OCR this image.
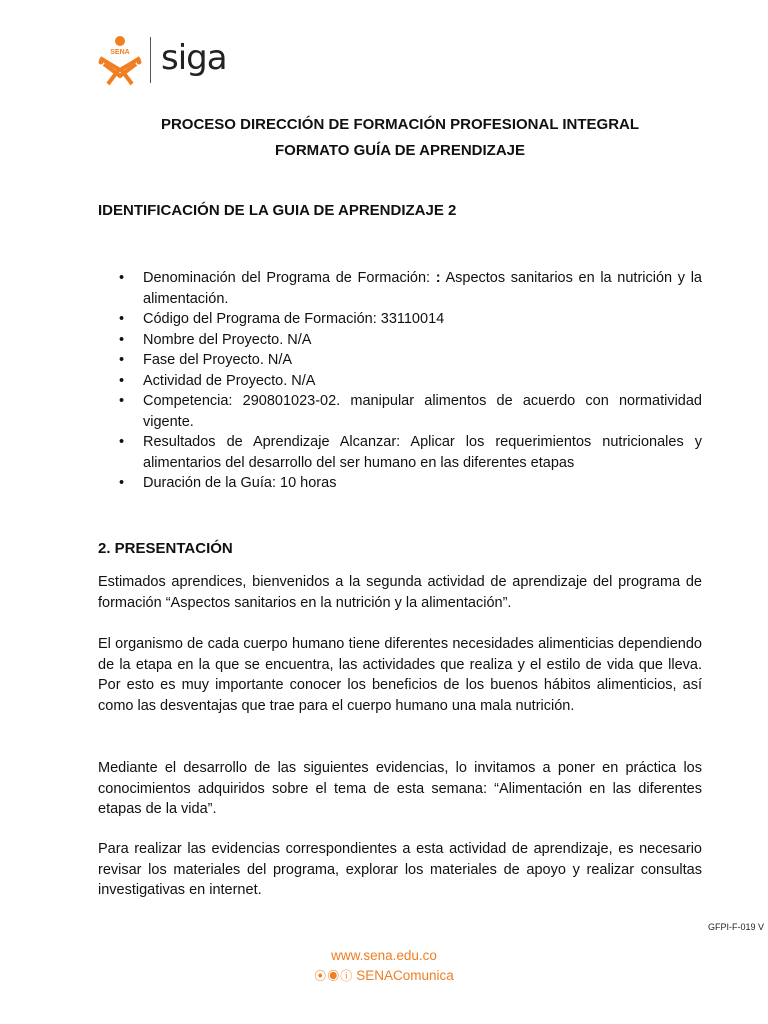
SENA siga
PROCESO DIRECCIÓN DE FORMACIÓN PROFESIONAL INTEGRAL
FORMATO GUÍA DE APRENDIZAJE
IDENTIFICACIÓN DE LA GUIA DE APRENDIZAJE 2
• Denominación del Programa de Formación: : Aspectos sanitarios en la nutrición y la alimentación.
• Código del Programa de Formación: 33110014
• Nombre del Proyecto. N/A
• Fase del Proyecto. N/A
• Actividad de Proyecto. N/A
• Competencia: 290801023-02. manipular alimentos de acuerdo con normatividad vigente.
• Resultados de Aprendizaje Alcanzar: Aplicar los requerimientos nutricionales y alimentarios del desarrollo del ser humano en las diferentes etapas
• Duración de la Guía: 10 horas
2. PRESENTACIÓN

Estimados aprendices, bienvenidos a la segunda actividad de aprendizaje del programa de formación “Aspectos sanitarios en la nutrición y la alimentación”.

El organismo de cada cuerpo humano tiene diferentes necesidades alimenticias dependiendo de la etapa en la que se encuentra, las actividades que realiza y el estilo de vida que lleva. Por esto es muy importante conocer los beneficios de los buenos hábitos alimenticios, así como las desventajas que trae para el cuerpo humano una mala nutrición.

Mediante el desarrollo de las siguientes evidencias, lo invitamos a poner en práctica los conocimientos adquiridos sobre el tema de esta semana: “Alimentación en las diferentes etapas de la vida”.

Para realizar las evidencias correspondientes a esta actividad de aprendizaje, es necesario revisar los materiales del programa, explorar los materiales de apoyo y realizar consultas investigativas en internet.

GFPI-F-019 V
www.sena.edu.co
⦿◉ⓘ SENAComunica
